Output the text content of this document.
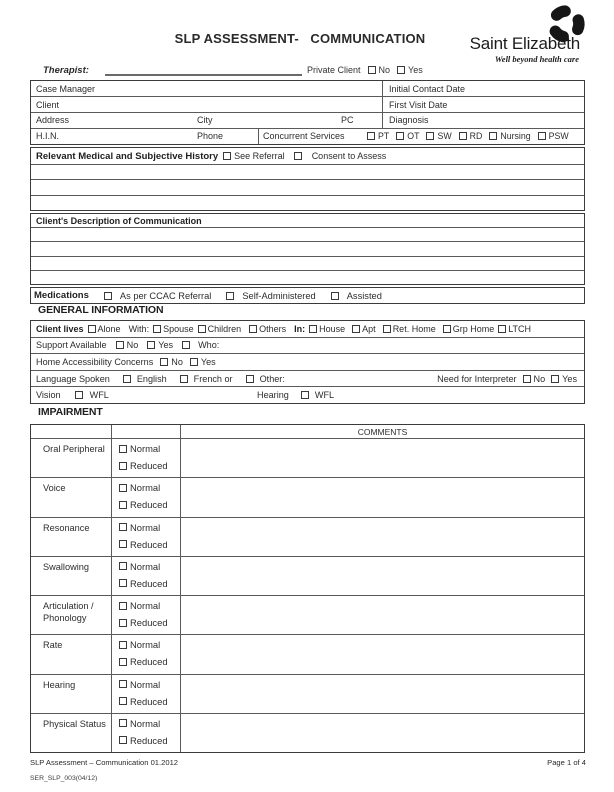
SLP ASSESSMENT-   COMMUNICATION	Saint Elizabeth
Well beyond health care
Therapist:	Private Client No Yes
Case Manager	Initial Contact Date
Client	First Visit Date
Address	City	PC	Diagnosis
H.I.N.	Phone	Concurrent Services	PT OT SW RD Nursing PSW
Relevant Medical and Subjective History See Referral	Consent to Assess
Client's Description of Communication
Medications	As per CCAC Referral	Self-Administered	Assisted
GENERAL INFORMATION
Client lives Alone With: Spouse Children Others In: House Apt Ret. Home Grp Home LTCH
Support Available No Yes	Who:
Home Accessibility Concerns No Yes
Language Spoken	English	French or	Other:	Need for Interpreter No Yes
Vision	WFL	Hearing	WFL
IMPAIRMENT
COMMENTS
Oral Peripheral	Normal
Reduced
Voice	Normal
Reduced
Resonance	Normal
Reduced
Swallowing	Normal
Reduced
Articulation / Phonology
Normal
Reduced
Rate	Normal
Reduced
Hearing	Normal
Reduced
Physical Status	Normal
Reduced
SLP Assessment – Communication 01.2012	Page 1 of 4
SER_SLP_003(04/12)
